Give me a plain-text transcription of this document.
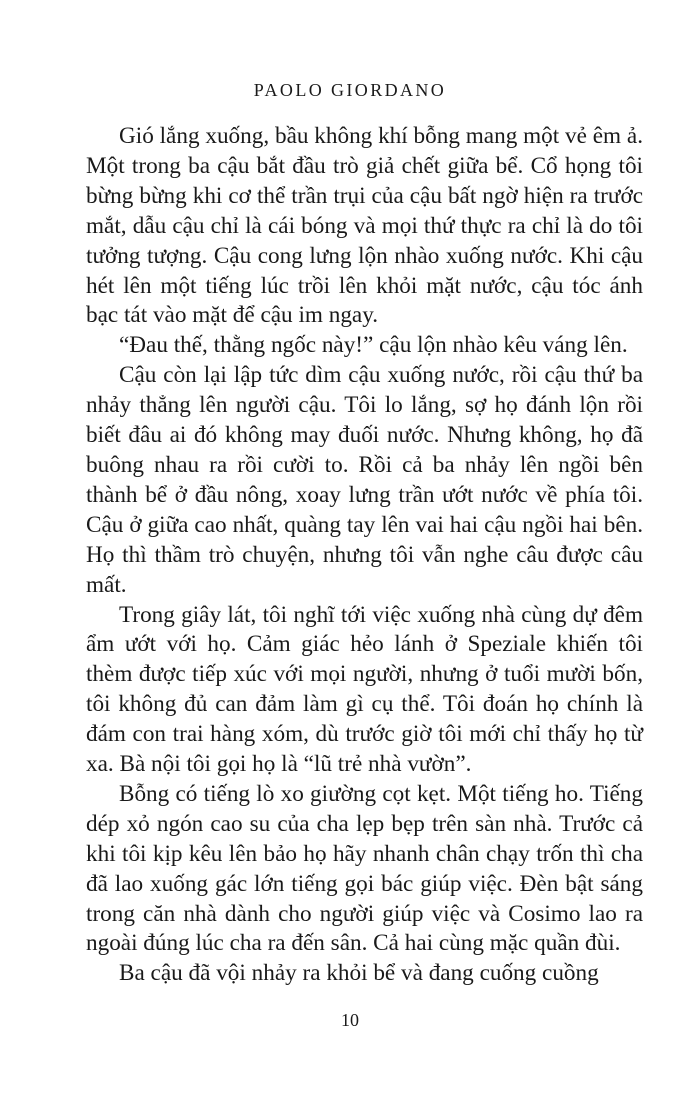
PAOLO GIORDANO

Gió lắng xuống, bầu không khí bỗng mang một vẻ êm ả. Một trong ba cậu bắt đầu trò giả chết giữa bể. Cổ họng tôi bừng bừng khi cơ thể trần trụi của cậu bất ngờ hiện ra trước mắt, dẫu cậu chỉ là cái bóng và mọi thứ thực ra chỉ là do tôi tưởng tượng. Cậu cong lưng lộn nhào xuống nước. Khi cậu hét lên một tiếng lúc trồi lên khỏi mặt nước, cậu tóc ánh bạc tát vào mặt để cậu im ngay.

“Đau thế, thằng ngốc này!” cậu lộn nhào kêu váng lên.

Cậu còn lại lập tức dìm cậu xuống nước, rồi cậu thứ ba nhảy thẳng lên người cậu. Tôi lo lắng, sợ họ đánh lộn rồi biết đâu ai đó không may đuối nước. Nhưng không, họ đã buông nhau ra rồi cười to. Rồi cả ba nhảy lên ngồi bên thành bể ở đầu nông, xoay lưng trần ướt nước về phía tôi. Cậu ở giữa cao nhất, quàng tay lên vai hai cậu ngồi hai bên. Họ thì thầm trò chuyện, nhưng tôi vẫn nghe câu được câu mất.

Trong giây lát, tôi nghĩ tới việc xuống nhà cùng dự đêm ẩm ướt với họ. Cảm giác hẻo lánh ở Speziale khiến tôi thèm được tiếp xúc với mọi người, nhưng ở tuổi mười bốn, tôi không đủ can đảm làm gì cụ thể. Tôi đoán họ chính là đám con trai hàng xóm, dù trước giờ tôi mới chỉ thấy họ từ xa. Bà nội tôi gọi họ là “lũ trẻ nhà vườn”.

Bỗng có tiếng lò xo giường cọt kẹt. Một tiếng ho. Tiếng dép xỏ ngón cao su của cha lẹp bẹp trên sàn nhà. Trước cả khi tôi kịp kêu lên bảo họ hãy nhanh chân chạy trốn thì cha đã lao xuống gác lớn tiếng gọi bác giúp việc. Đèn bật sáng trong căn nhà dành cho người giúp việc và Cosimo lao ra ngoài đúng lúc cha ra đến sân. Cả hai cùng mặc quần đùi.

Ba cậu đã vội nhảy ra khỏi bể và đang cuống cuồng

10
